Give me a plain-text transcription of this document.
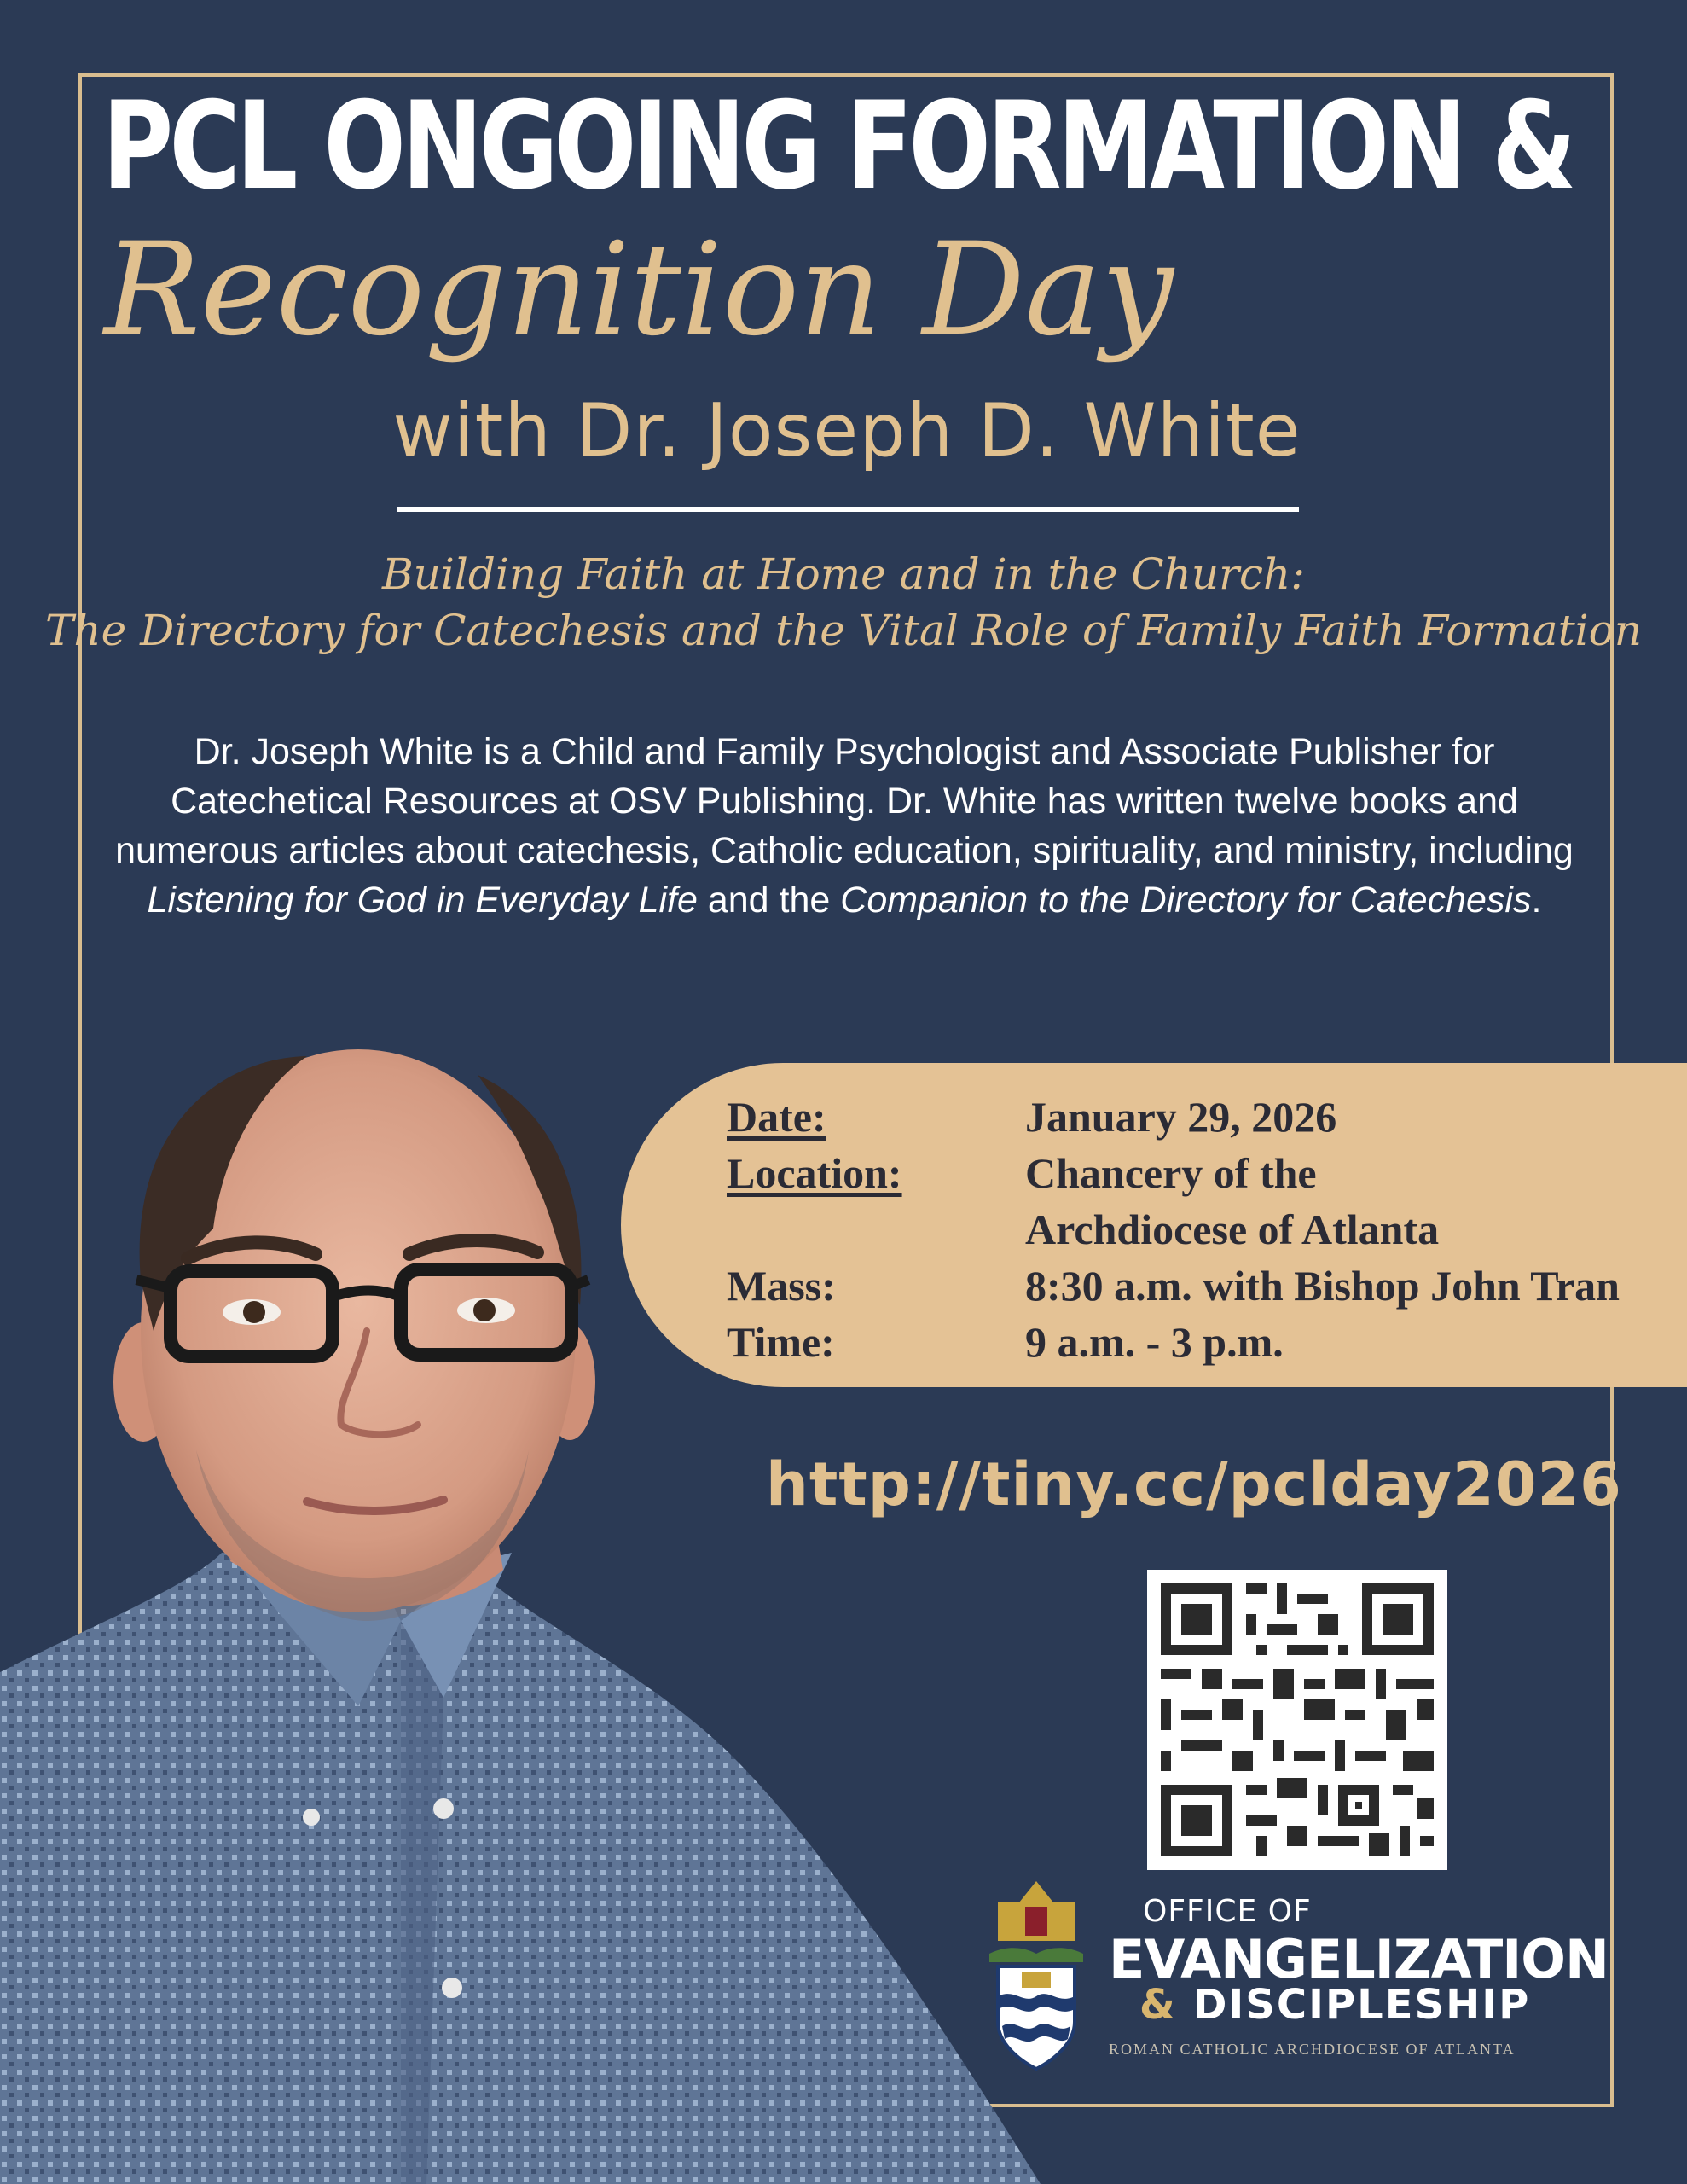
PCL ONGOING FORMATION &
Recognition Day
with Dr. Joseph D. White
Building Faith at Home and in the Church:
The Directory for Catechesis and the Vital Role of Family Faith Formation
Dr. Joseph White is a Child and Family Psychologist and Associate Publisher for Catechetical Resources at OSV Publishing. Dr. White has written twelve books and numerous articles about catechesis, Catholic education, spirituality, and ministry, including Listening for God in Everyday Life and the Companion to the Directory for Catechesis.
Date:	January 29, 2026
Location:	Chancery of the
Archdiocese of Atlanta
Mass:	8:30 a.m. with Bishop John Tran
Time:	9 a.m. - 3 p.m.
http://tiny.cc/pclday2026
OFFICE OF
EVANGELIZATION
& DISCIPLESHIP
ROMAN CATHOLIC ARCHDIOCESE OF ATLANTA
